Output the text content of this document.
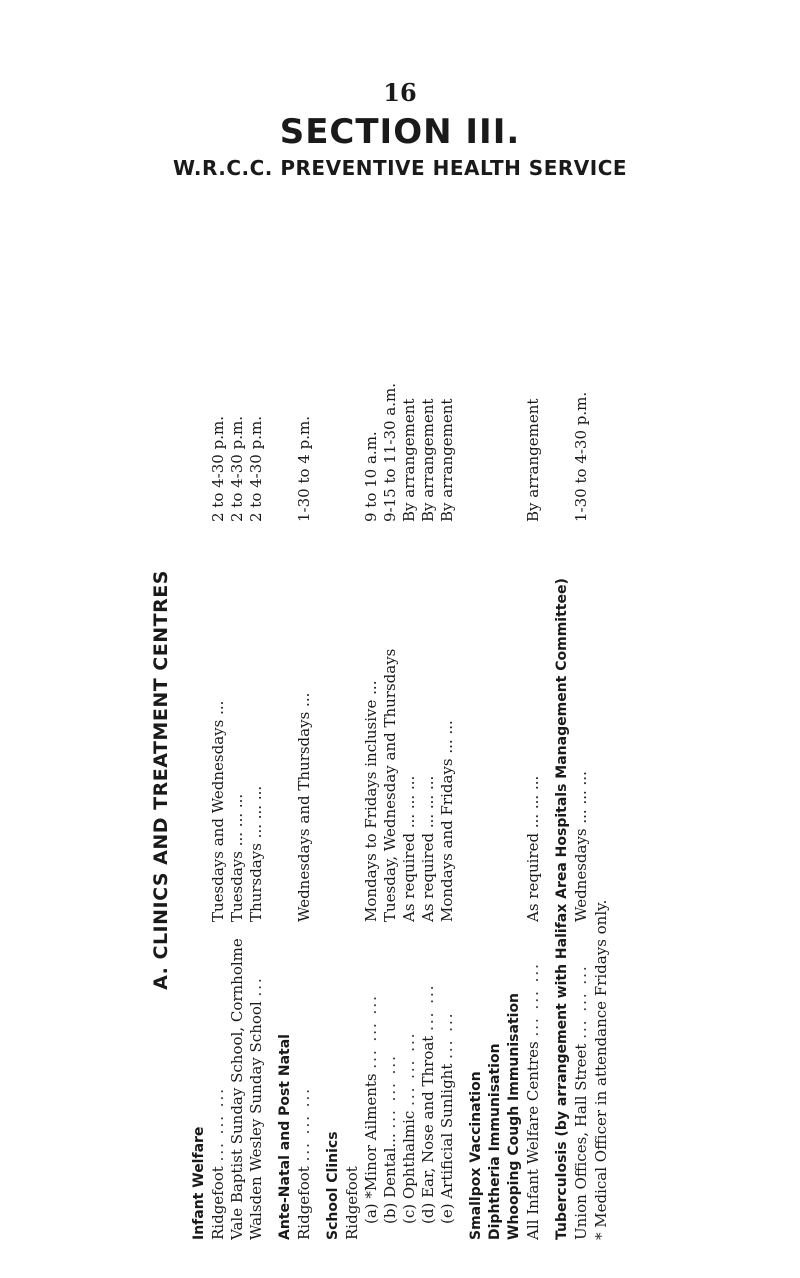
16
SECTION III.
W.R.C.C. PREVENTIVE HEALTH SERVICE
A. CLINICS AND TREATMENT CENTRES
Infant Welfare Ridgefoot ... ... ...
Tuesdays and Wednesdays ...
2 to 4-30 p.m.
Vale Baptist Sunday School, Cornholme
Tuesdays ... ... ...
2 to 4-30 p.m.
Walsden Wesley Sunday School ...
Thursdays ... ... ...
2 to 4-30 p.m.
Ante-Natal and Post Natal Ridgefoot ... ... ...
Wednesdays and Thursdays ...
1-30 to 4 p.m.
School Clinics Ridgefoot (a) *Minor Ailments ... ... ...
Mondays to Fridays inclusive ...
9 to 10 a.m.
(b) Dental... ... ... ...
Tuesday, Wednesday and Thursdays
9-15 to 11-30 a.m.
(c) Ophthalmic ... ... ...
As required ... ... ...
By arrangement
(d) Ear, Nose and Throat ... ...
As required ... ... ...
By arrangement
(e) Artificial Sunlight ... ...
Mondays and Fridays ... ...
By arrangement
Smallpox Vaccination Diphtheria Immunisation Whooping Cough Immunisation All Infant Welfare Centres ... ... ...
As required ... ... ...
By arrangement
Tuberculosis (by arrangement with Halifax Area Hospitals Management Committee) Union Offices, Hall Street ... ... ...
Wednesdays ... ... ...
1-30 to 4-30 p.m.
* Medical Officer in attendance Fridays only.
